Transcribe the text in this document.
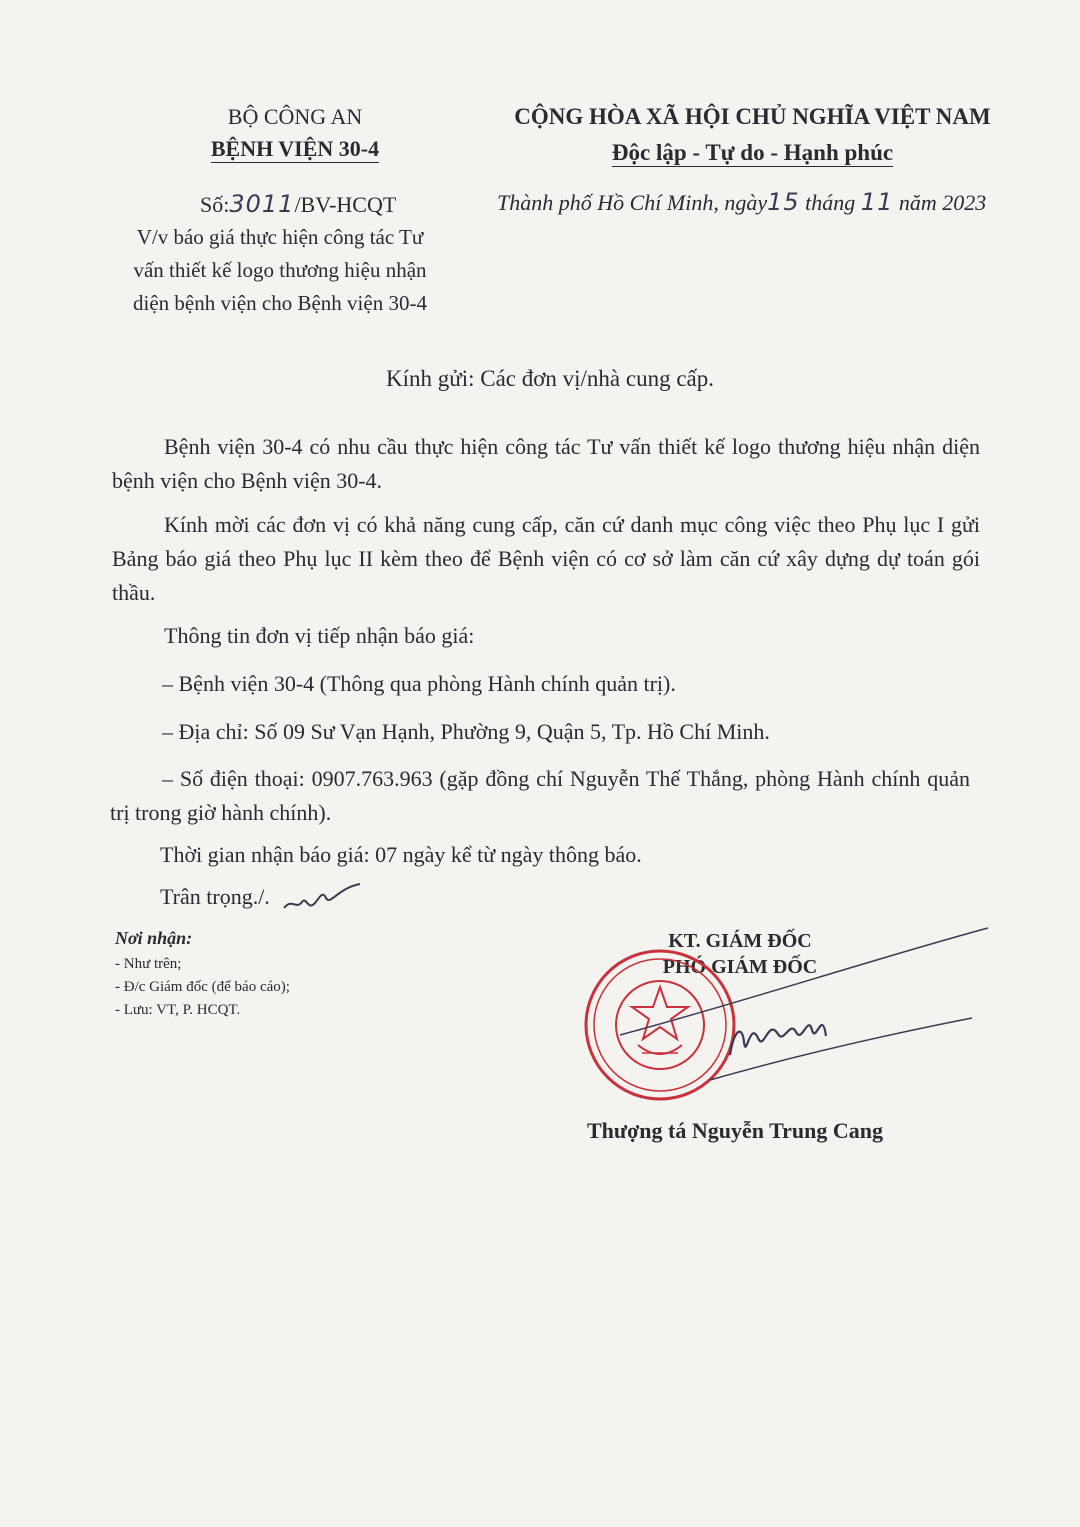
BỘ CÔNG AN
BỆNH VIỆN 30-4
Số:3011/BV-HCQT
V/v báo giá thực hiện công tác Tư
vấn thiết kế logo thương hiệu nhận
diện bệnh viện cho Bệnh viện 30-4
CỘNG HÒA XÃ HỘI CHỦ NGHĨA VIỆT NAM
Độc lập - Tự do - Hạnh phúc
Thành phố Hồ Chí Minh, ngày15 tháng 11 năm 2023
Kính gửi: Các đơn vị/nhà cung cấp.
Bệnh viện 30-4 có nhu cầu thực hiện công tác Tư vấn thiết kế logo thương hiệu nhận diện bệnh viện cho Bệnh viện 30-4.
Kính mời các đơn vị có khả năng cung cấp, căn cứ danh mục công việc theo Phụ lục I gửi Bảng báo giá theo Phụ lục II kèm theo để Bệnh viện có cơ sở làm căn cứ xây dựng dự toán gói thầu.
Thông tin đơn vị tiếp nhận báo giá:
– Bệnh viện 30-4 (Thông qua phòng Hành chính quản trị).
– Địa chỉ: Số 09 Sư Vạn Hạnh, Phường 9, Quận 5, Tp. Hồ Chí Minh.
– Số điện thoại: 0907.763.963 (gặp đồng chí Nguyễn Thế Thắng, phòng Hành chính quản trị trong giờ hành chính).
Thời gian nhận báo giá: 07 ngày kể từ ngày thông báo.
Trân trọng./.
Nơi nhận:
- Như trên;
- Đ/c Giám đốc (để báo cáo);
- Lưu: VT, P. HCQT.
KT. GIÁM ĐỐC
PHÓ GIÁM ĐỐC
Thượng tá Nguyễn Trung Cang
